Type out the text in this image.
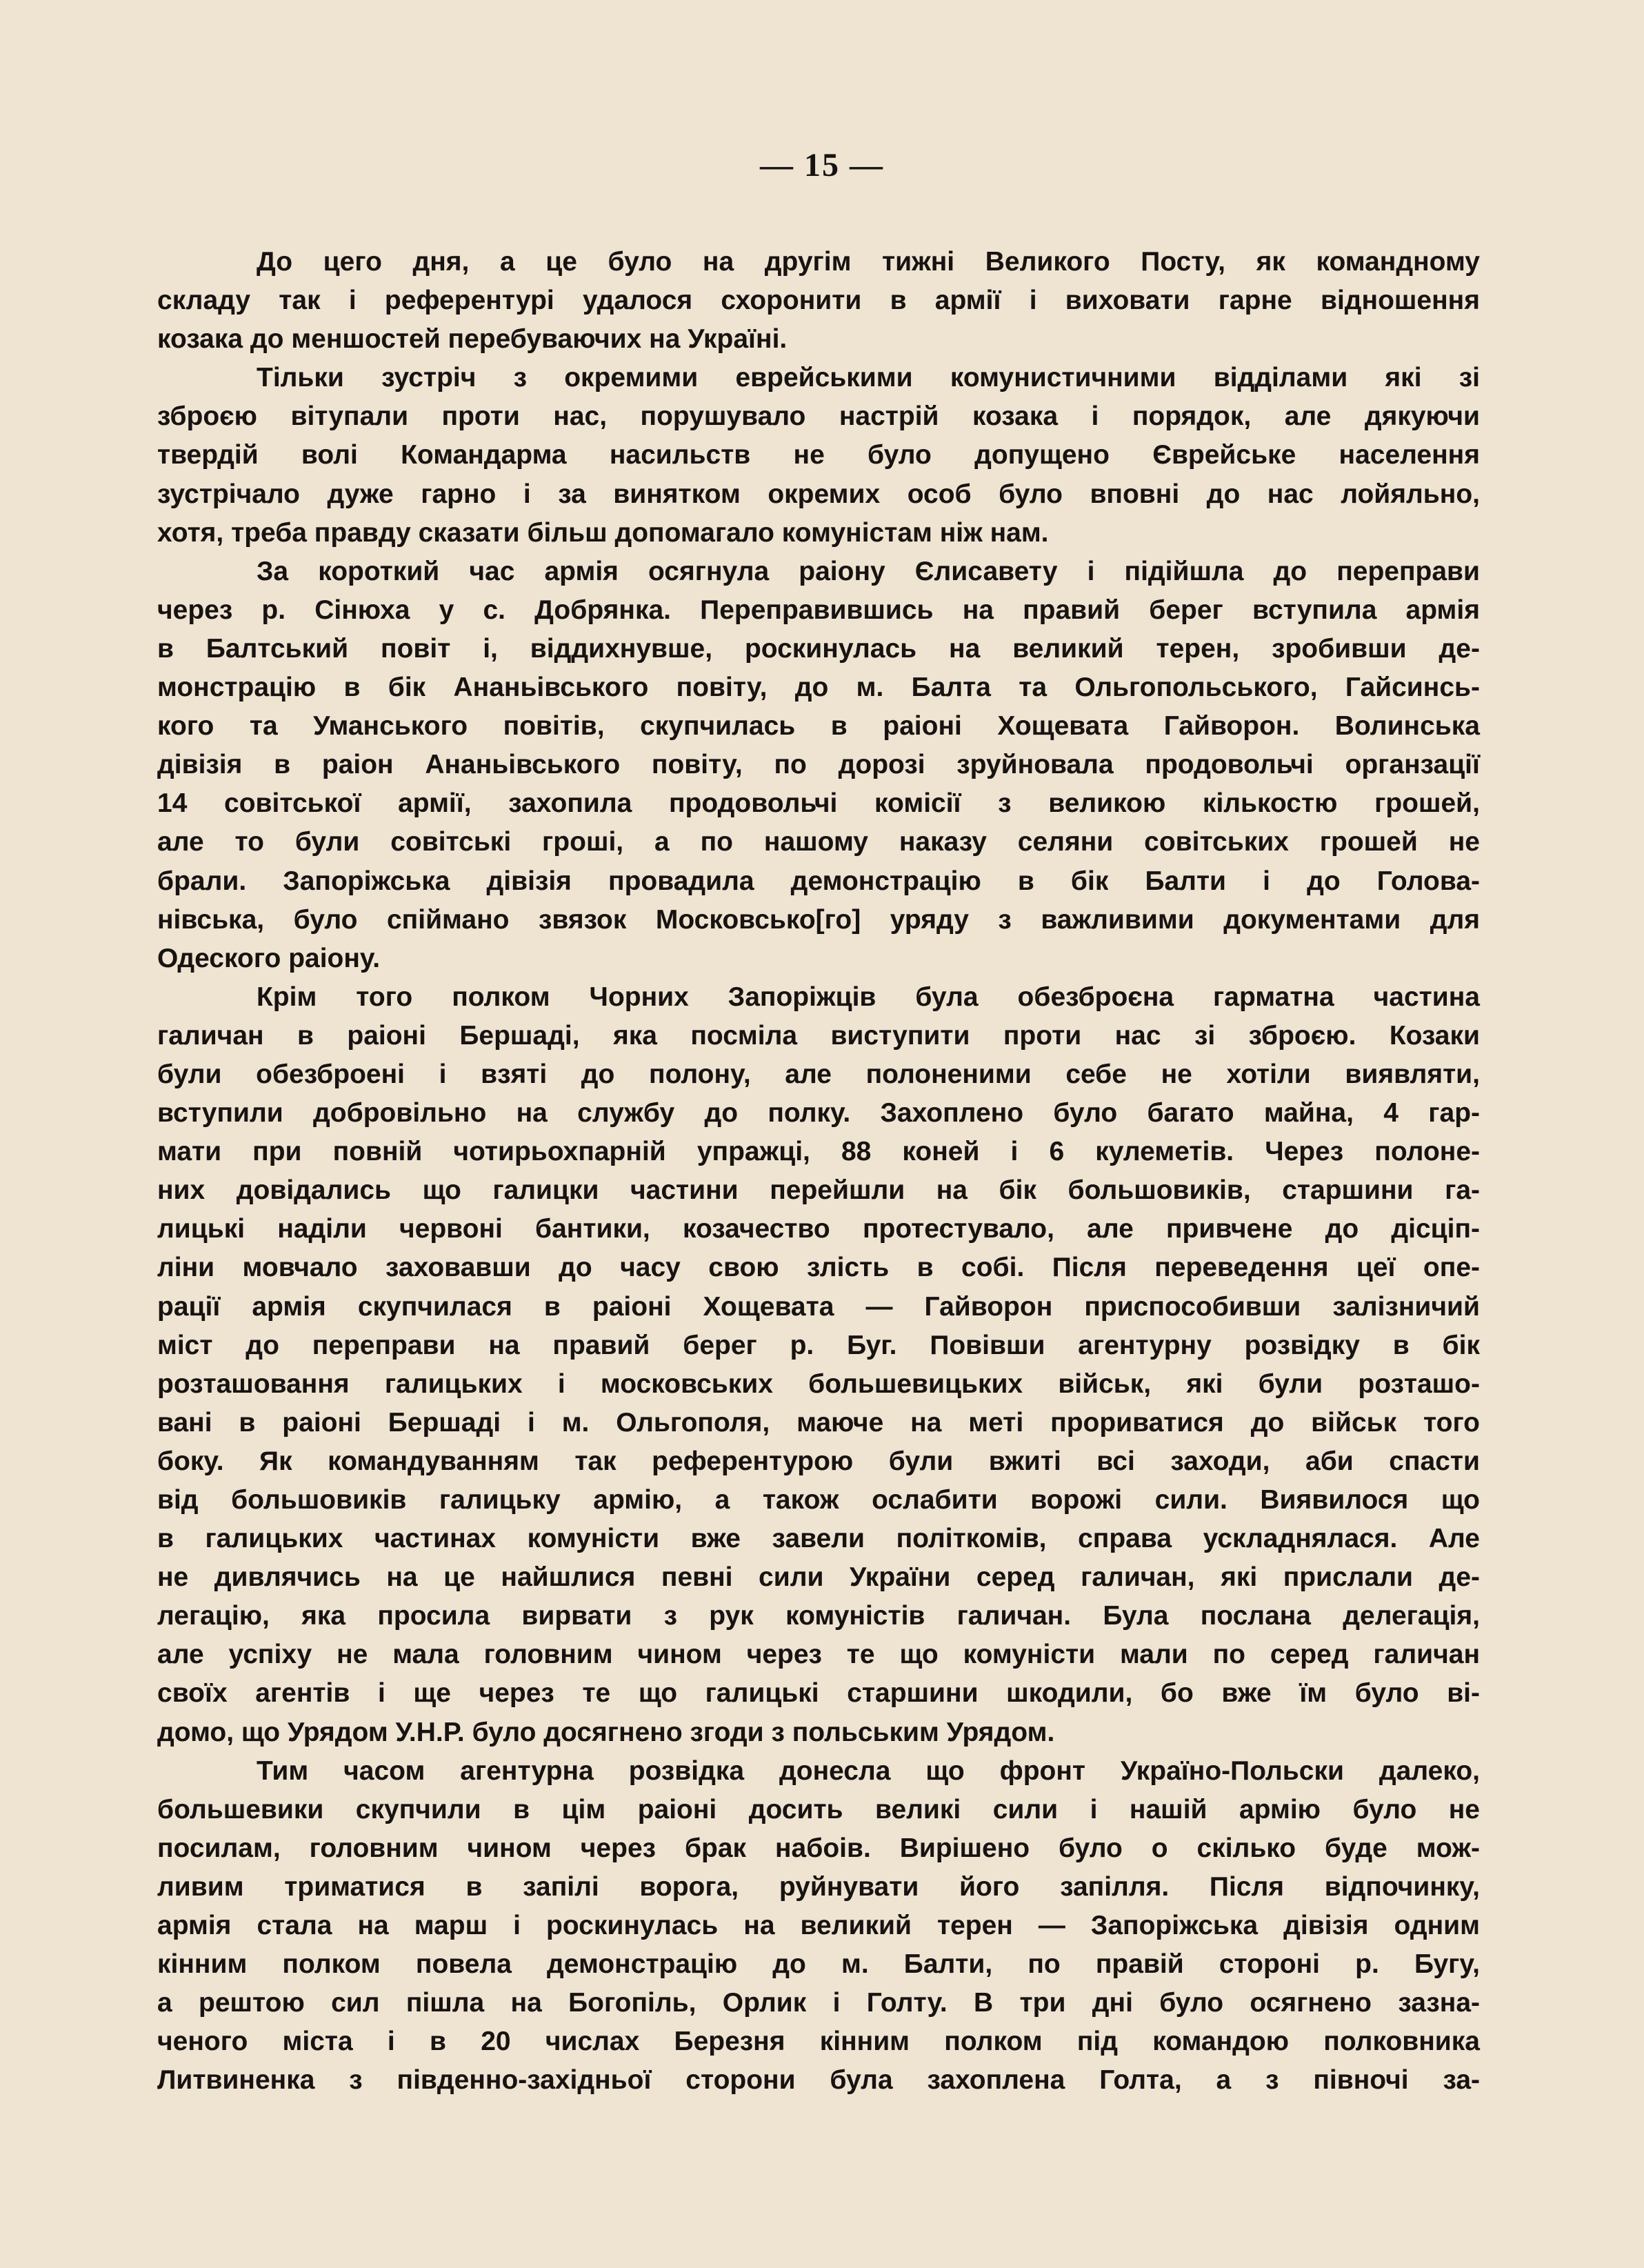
— 15 —
До цего дня, а це було на другім тижні Великого Посту, як командному
складу так і референтурі удалося схоронити в армії і виховати гарне відношення
козака до меншостей перебуваючих на Україні.
Тільки зустріч з окремими еврейськими комунистичними відділами які зі
зброєю вітупали проти нас, порушувало настрій козака і порядок, але дякуючи
твердій волі Командарма насильств не було допущено Єврейське населення
зустрічало дуже гарно і за винятком окремих особ було вповні до нас лойяльно,
хотя, треба правду сказати більш допомагало комуністам ніж нам.
За короткий час армія осягнула раіону Єлисавету і підійшла до переправи
через р. Сінюха у с. Добрянка. Переправившись на правий берег вступила армія
в Балтський повіт і, віддихнувше, роскинулась на великий терен, зробивши де-
монстрацію в бік Ананьівського повіту, до м. Балта та Ольгопольського, Гайсинсь-
кого та Уманського повітів, скупчилась в раіоні Хощевата Гайворон. Волинська
дівізія в раіон Ананьівського повіту, по дорозі зруйновала продовольчі органзації
14 совітської армії, захопила продовольчі комісії з великою кількостю грошей,
але то були совітські гроші, а по нашому наказу селяни совітських грошей не
брали. Запоріжська дівізія провадила демонстрацію в бік Балти і до Голова-
нівська, було спіймано звязок Московсько[го] уряду з важливими документами для
Одеского раіону.
Крім того полком Чорних Запоріжців була обезброєна гарматна частина
галичан в раіоні Бершаді, яка посміла виступити проти нас зі зброєю. Козаки
були обезброені і взяті до полону, але полоненими себе не хотіли виявляти,
вступили добровільно на службу до полку. Захоплено було багато майна, 4 гар-
мати при повній чотирьохпарній упражці, 88 коней і 6 кулеметів. Через полоне-
них довідались що галицки частини перейшли на бік большовиків, старшини га-
лицькі наділи червоні бантики, козачество протестувало, але привчене до дісціп-
ліни мовчало заховавши до часу свою злість в собі. Після переведення цеї опе-
рації армія скупчилася в раіоні Хощевата — Гайворон приспособивши залізничий
міст до переправи на правий берег р. Буг. Повівши агентурну розвідку в бік
розташовання галицьких і московських большевицьких військ, які були розташо-
вані в раіоні Бершаді і м. Ольгополя, маюче на меті прориватися до військ того
боку. Як командуванням так референтурою були вжиті всі заходи, аби спасти
від большовиків галицьку армію, а також ослабити ворожі сили. Виявилося що
в галицьких частинах комуністи вже завели політкомів, справа ускладнялася. Але
не дивлячись на це найшлися певні сили України серед галичан, які прислали де-
легацію, яка просила вирвати з рук комуністів галичан. Була послана делегація,
але успіху не мала головним чином через те що комуністи мали по серед галичан
своїх агентів і ще через те що галицькі старшини шкодили, бо вже їм було ві-
домо, що Урядом У.Н.Р. було досягнено згоди з польським Урядом.
Тим часом агентурна розвідка донесла що фронт Україно-Польски далеко,
большевики скупчили в цім раіоні досить великі сили і нашій армію було не
посилам, головним чином через брак набоів. Вирішено було о скілько буде мож-
ливим триматися в запілі ворога, руйнувати його запілля. Після відпочинку,
армія стала на марш і роскинулась на великий терен — Запоріжська дівізія одним
кінним полком повела демонстрацію до м. Балти, по правій стороні р. Бугу,
а рештою сил пішла на Богопіль, Орлик і Голту. В три дні було осягнено зазна-
ченого міста і в 20 числах Березня кінним полком під командою полковника
Литвиненка з південно-західньої сторони була захоплена Голта, а з півночі за-
